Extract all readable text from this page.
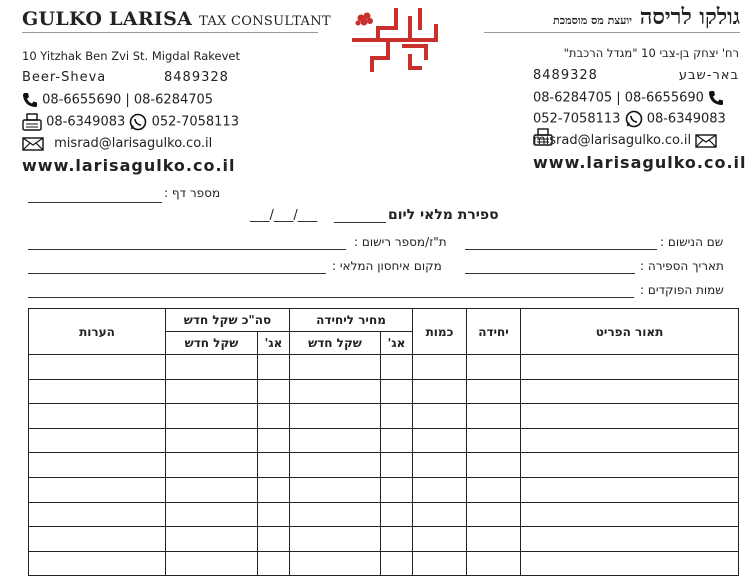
GULKO LARISA TAX CONSULTANT
10 Yitzhak Ben Zvi St. Migdal Rakevet
Beer-Sheva	8489328
08-6655690 | 08-6284705
08-6349083 052-7058113
misrad@larisagulko.co.il
www.larisagulko.co.il
גולקו לריסה יועצת מס מוסמכת
רח' יצחק בן-צבי 10 "מגדל הרכבת"
באר-שבע
8489328
08-6284705 | 08-6655690
052-7058113 08-6349083
misrad@larisagulko.co.il
www.larisagulko.co.il
מספר דף :
ספירת מלאי ליום
___/___/___
שם הנישום :
ת"ז/מספר רישום :
תאריך הספירה :
מקום איחסון המלאי :
שמות הפוקדים :
תאור הפריט	יחידה	כמות	מחיר ליחידה		סה"כ שקל חדש		הערות
			אג'	שקל חדש	אג'	שקל חדש	
